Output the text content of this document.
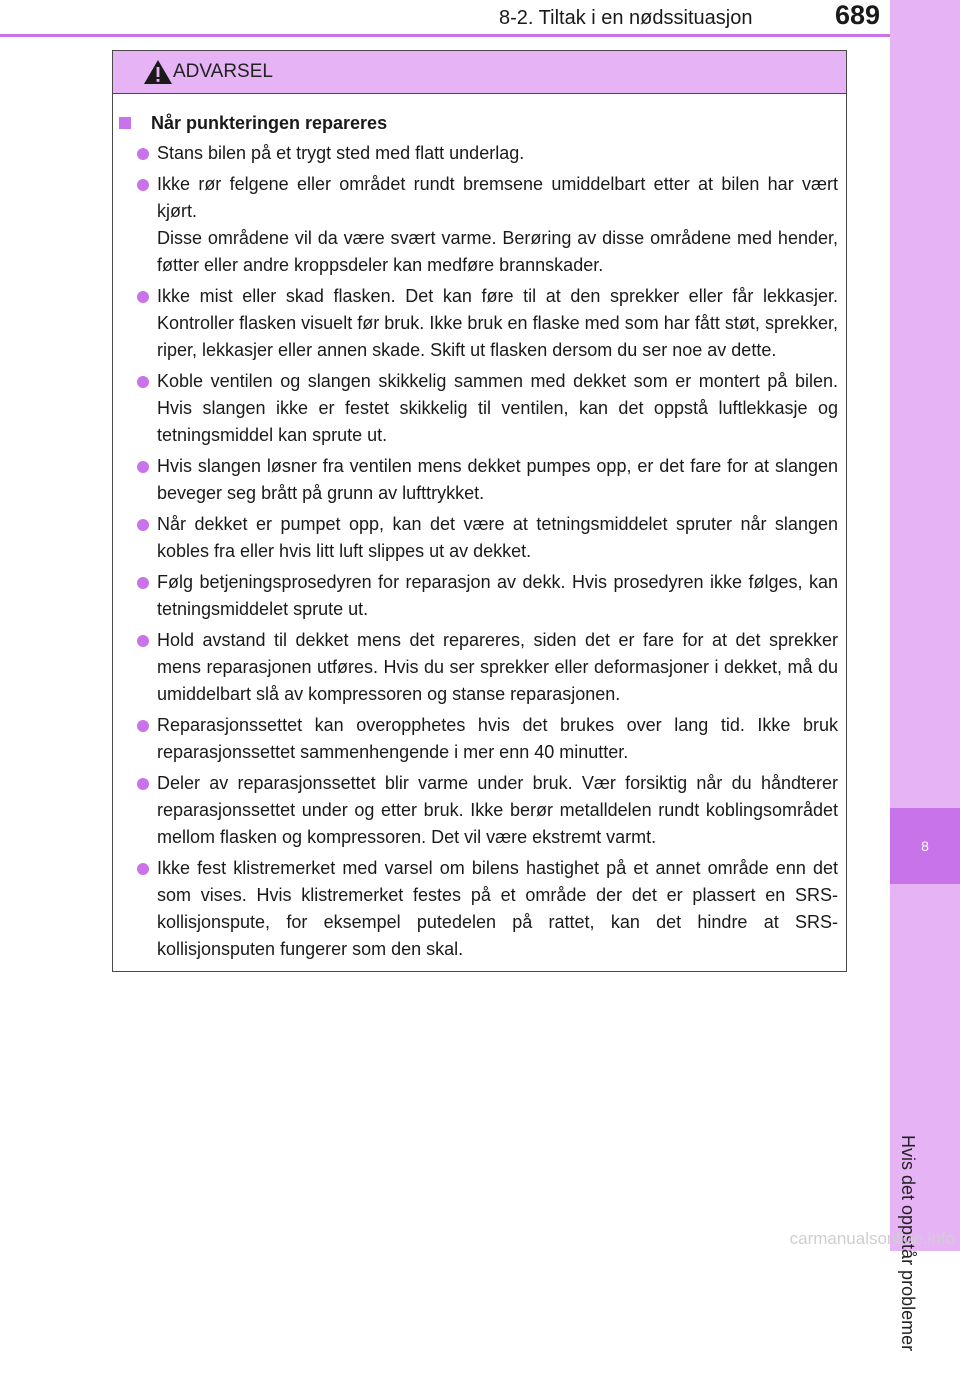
8
Hvis det oppstår problemer
8-2. Tiltak i en nødssituasjon	689
ADVARSEL
Når punkteringen repareres
Stans bilen på et trygt sted med flatt underlag.
Ikke rør felgene eller området rundt bremsene umiddelbart etter at bilen har vært kjørt.
Disse områdene vil da være svært varme. Berøring av disse områdene med hender, føtter eller andre kroppsdeler kan medføre brannskader.
Ikke mist eller skad flasken. Det kan føre til at den sprekker eller får lekkasjer. Kontroller flasken visuelt før bruk. Ikke bruk en flaske med som har fått støt, sprekker, riper, lekkasjer eller annen skade. Skift ut flasken dersom du ser noe av dette.
Koble ventilen og slangen skikkelig sammen med dekket som er montert på bilen. Hvis slangen ikke er festet skikkelig til ventilen, kan det oppstå luftlekkasje og tetningsmiddel kan sprute ut.
Hvis slangen løsner fra ventilen mens dekket pumpes opp, er det fare for at slangen beveger seg brått på grunn av lufttrykket.
Når dekket er pumpet opp, kan det være at tetningsmiddelet spruter når slangen kobles fra eller hvis litt luft slippes ut av dekket.
Følg betjeningsprosedyren for reparasjon av dekk. Hvis prosedyren ikke følges, kan tetningsmiddelet sprute ut.
Hold avstand til dekket mens det repareres, siden det er fare for at det sprekker mens reparasjonen utføres. Hvis du ser sprekker eller deformasjoner i dekket, må du umiddelbart slå av kompressoren og stanse reparasjonen.
Reparasjonssettet kan overopphetes hvis det brukes over lang tid. Ikke bruk reparasjonssettet sammenhengende i mer enn 40 minutter.
Deler av reparasjonssettet blir varme under bruk. Vær forsiktig når du håndterer reparasjonssettet under og etter bruk. Ikke berør metalldelen rundt koblingsområdet mellom flasken og kompressoren. Det vil være ekstremt varmt.
Ikke fest klistremerket med varsel om bilens hastighet på et annet område enn det som vises. Hvis klistremerket festes på et område der det er plassert en SRS-kollisjonspute, for eksempel putedelen på rattet, kan det hindre at SRS-kollisjonsputen fungerer som den skal.
carmanualsonline.info
